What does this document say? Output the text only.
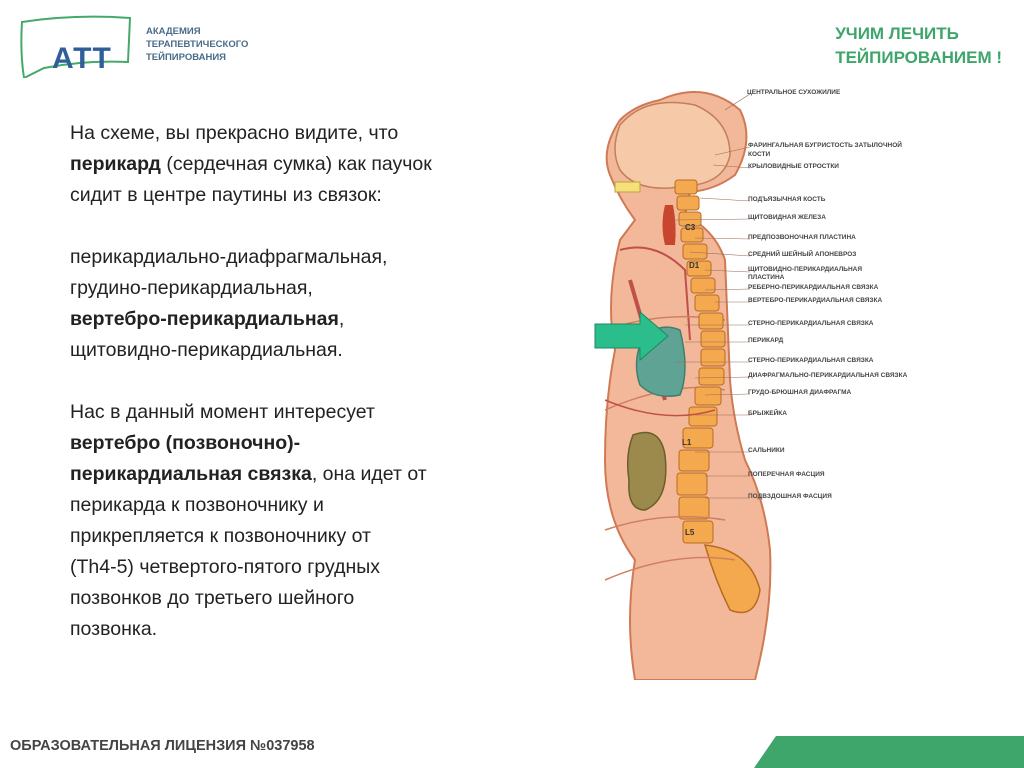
АТТ
АКАДЕМИЯ
ТЕРАПЕВТИЧЕСКОГО
ТЕЙПИРОВАНИЯ
УЧИМ ЛЕЧИТЬ
ТЕЙПИРОВАНИЕМ !

На схеме, вы прекрасно видите, что

перикард (сердечная сумка) как паучок

сидит в центре паутины из связок:

перикардиально-диафрагмальная,

грудино-перикардиальная,

вертебро-перикардиальная,

щитовидно-перикардиальная.

Нас в данный момент интересует

вертебро (позвоночно)-

перикардиальная связка, она идет от

перикарда к позвоночнику и

прикрепляется к позвоночнику от

(Th4-5) четвертого-пятого грудных

позвонков до третьего шейного

позвонка.

C3
D1
L1
L5
ЦЕНТРАЛЬНОЕ СУХОЖИЛИЕ
ФАРИНГАЛЬНАЯ БУГРИСТОСТЬ ЗАТЫЛОЧНОЙ
КОСТИ
КРЫЛОВИДНЫЕ ОТРОСТКИ
ПОДЪЯЗЫЧНАЯ КОСТЬ
ЩИТОВИДНАЯ ЖЕЛЕЗА
ПРЕДПОЗВОНОЧНАЯ ПЛАСТИНА
СРЕДНИЙ ШЕЙНЫЙ АПОНЕВРОЗ
ЩИТОВИДНО-ПЕРИКАРДИАЛЬНАЯ
ПЛАСТИНА
РЕБЕРНО-ПЕРИКАРДИАЛЬНАЯ СВЯЗКА
ВЕРТЕБРО-ПЕРИКАРДИАЛЬНАЯ СВЯЗКА
СТЕРНО-ПЕРИКАРДИАЛЬНАЯ СВЯЗКА
ПЕРИКАРД
СТЕРНО-ПЕРИКАРДИАЛЬНАЯ СВЯЗКА
ДИАФРАГМАЛЬНО-ПЕРИКАРДИАЛЬНАЯ СВЯЗКА
ГРУДО-БРЮШНАЯ ДИАФРАГМА
БРЫЖЕЙКА
САЛЬНИКИ
ПОПЕРЕЧНАЯ ФАСЦИЯ
ПОДВЗДОШНАЯ ФАСЦИЯ
ОБРАЗОВАТЕЛЬНАЯ ЛИЦЕНЗИЯ №037958
